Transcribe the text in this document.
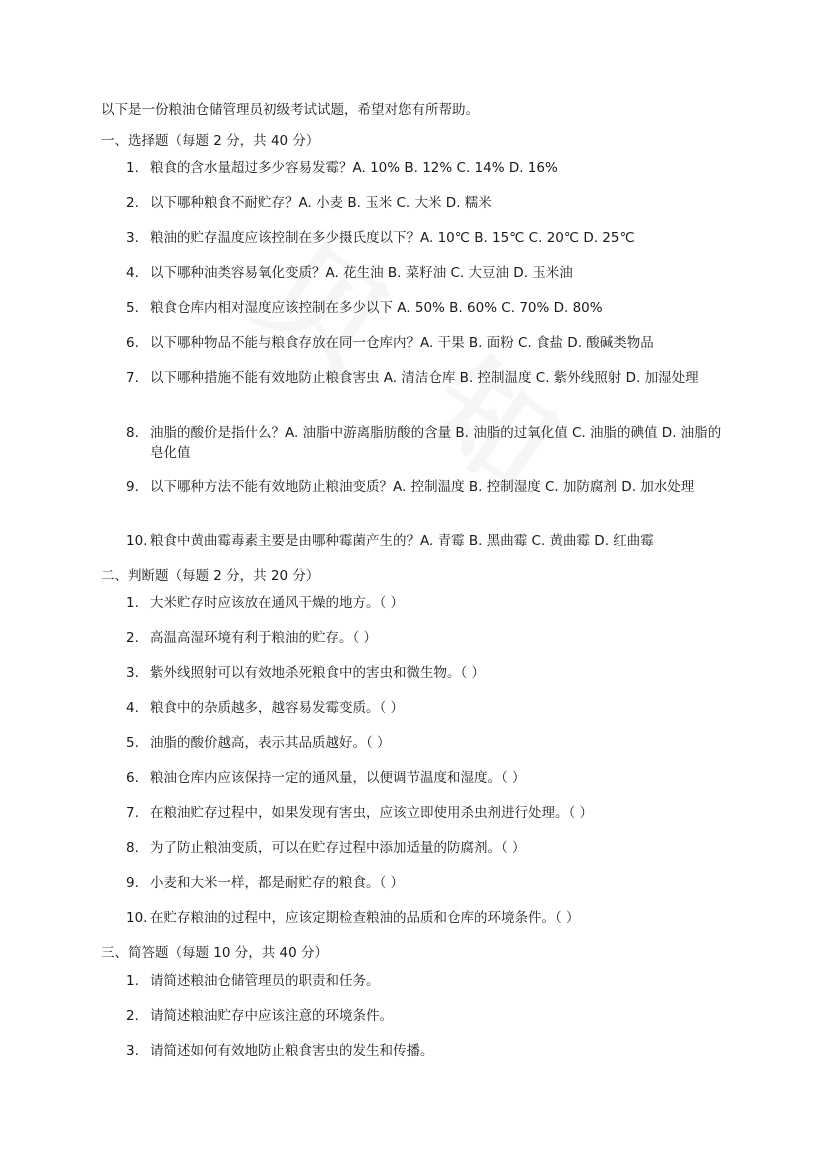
以下是一份粮油仓储管理员初级考试试题，希望对您有所帮助。
一、选择题（每题 2 分，共 40 分）
1. 粮食的含水量超过多少容易发霉？A. 10% B. 12% C. 14% D. 16%
2. 以下哪种粮食不耐贮存？A. 小麦 B. 玉米 C. 大米 D. 糯米
3. 粮油的贮存温度应该控制在多少摄氏度以下？A. 10℃ B. 15℃ C. 20℃ D. 25℃
4. 以下哪种油类容易氧化变质？A. 花生油 B. 菜籽油 C. 大豆油 D. 玉米油
5. 粮食仓库内相对湿度应该控制在多少以下 A. 50% B. 60% C. 70% D. 80%
6. 以下哪种物品不能与粮食存放在同一仓库内？A. 干果 B. 面粉 C. 食盐 D. 酸碱类物品
7. 以下哪种措施不能有效地防止粮食害虫 A. 清洁仓库 B. 控制温度 C. 紫外线照射 D. 加湿处理
8. 油脂的酸价是指什么？A. 油脂中游离脂肪酸的含量 B. 油脂的过氧化值 C. 油脂的碘值 D. 油脂的皂化值
9. 以下哪种方法不能有效地防止粮油变质？A. 控制温度 B. 控制湿度 C. 加防腐剂 D. 加水处理
10. 粮食中黄曲霉毒素主要是由哪种霉菌产生的？A. 青霉 B. 黑曲霉 C. 黄曲霉 D. 红曲霉
二、判断题（每题 2 分，共 20 分）
1. 大米贮存时应该放在通风干燥的地方。（ ）
2. 高温高湿环境有利于粮油的贮存。（ ）
3. 紫外线照射可以有效地杀死粮食中的害虫和微生物。（ ）
4. 粮食中的杂质越多，越容易发霉变质。（ ）
5. 油脂的酸价越高，表示其品质越好。（ ）
6. 粮油仓库内应该保持一定的通风量，以便调节温度和湿度。（ ）
7. 在粮油贮存过程中，如果发现有害虫，应该立即使用杀虫剂进行处理。（ ）
8. 为了防止粮油变质，可以在贮存过程中添加适量的防腐剂。（ ）
9. 小麦和大米一样，都是耐贮存的粮食。（ ）
10. 在贮存粮油的过程中，应该定期检查粮油的品质和仓库的环境条件。（ ）
三、简答题（每题 10 分，共 40 分）
1. 请简述粮油仓储管理员的职责和任务。
2. 请简述粮油贮存中应该注意的环境条件。
3. 请简述如何有效地防止粮食害虫的发生和传播。
